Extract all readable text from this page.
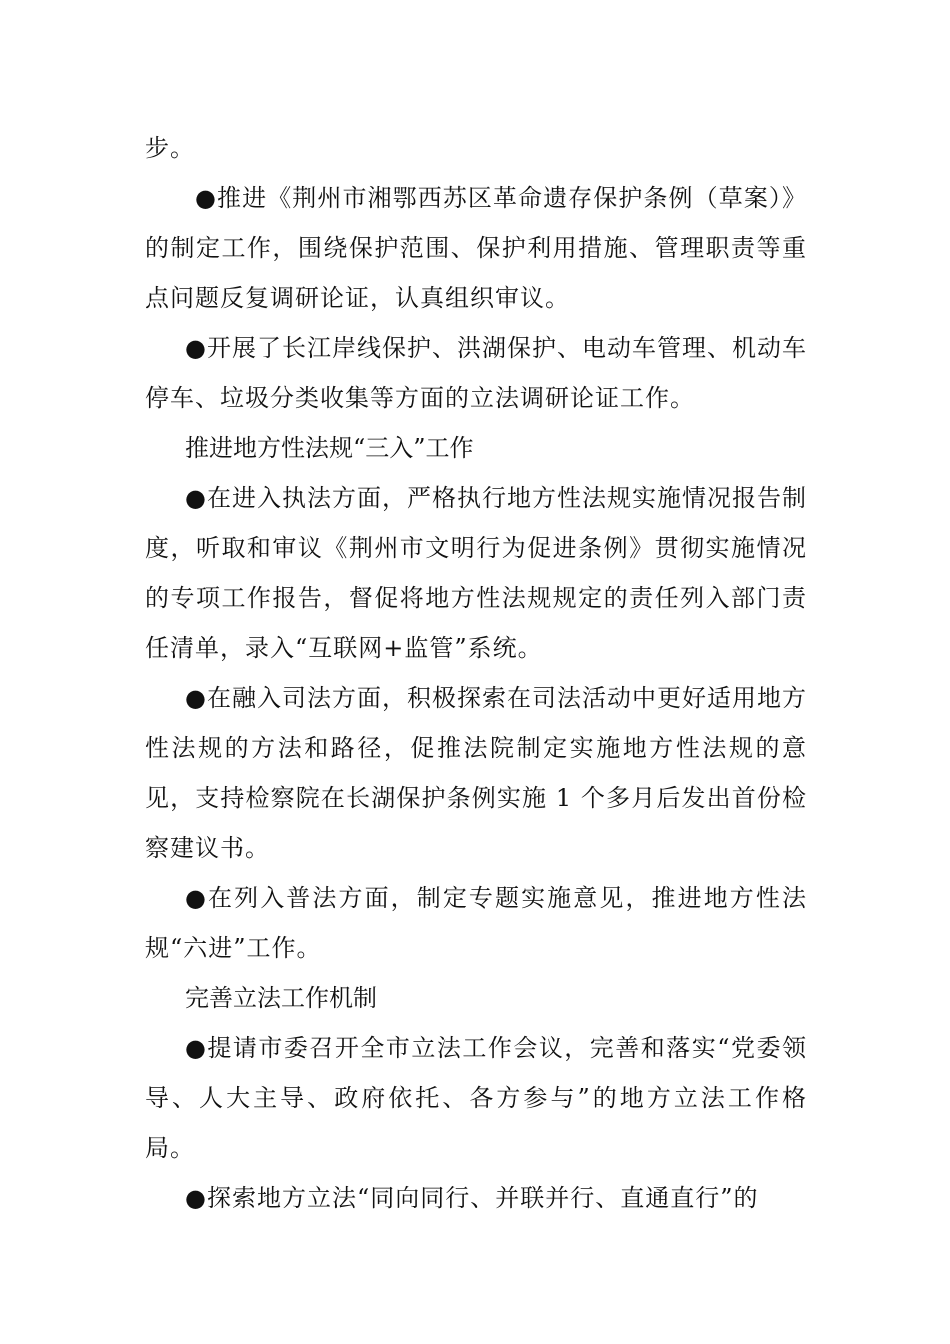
步。

●推进《荆州市湘鄂西苏区革命遗存保护条例（草案）》的制定工作，围绕保护范围、保护利用措施、管理职责等重点问题反复调研论证，认真组织审议。

●开展了长江岸线保护、洪湖保护、电动车管理、机动车停车、垃圾分类收集等方面的立法调研论证工作。

推进地方性法规“三入”工作

●在进入执法方面，严格执行地方性法规实施情况报告制度，听取和审议《荆州市文明行为促进条例》贯彻实施情况的专项工作报告，督促将地方性法规规定的责任列入部门责任清单，录入“互联网+监管”系统。

●在融入司法方面，积极探索在司法活动中更好适用地方性法规的方法和路径，促推法院制定实施地方性法规的意见，支持检察院在长湖保护条例实施 1 个多月后发出首份检察建议书。

●在列入普法方面，制定专题实施意见，推进地方性法规“六进”工作。

完善立法工作机制

●提请市委召开全市立法工作会议，完善和落实“党委领导、人大主导、政府依托、各方参与”的地方立法工作格局。

●探索地方立法“同向同行、并联并行、直通直行”的
